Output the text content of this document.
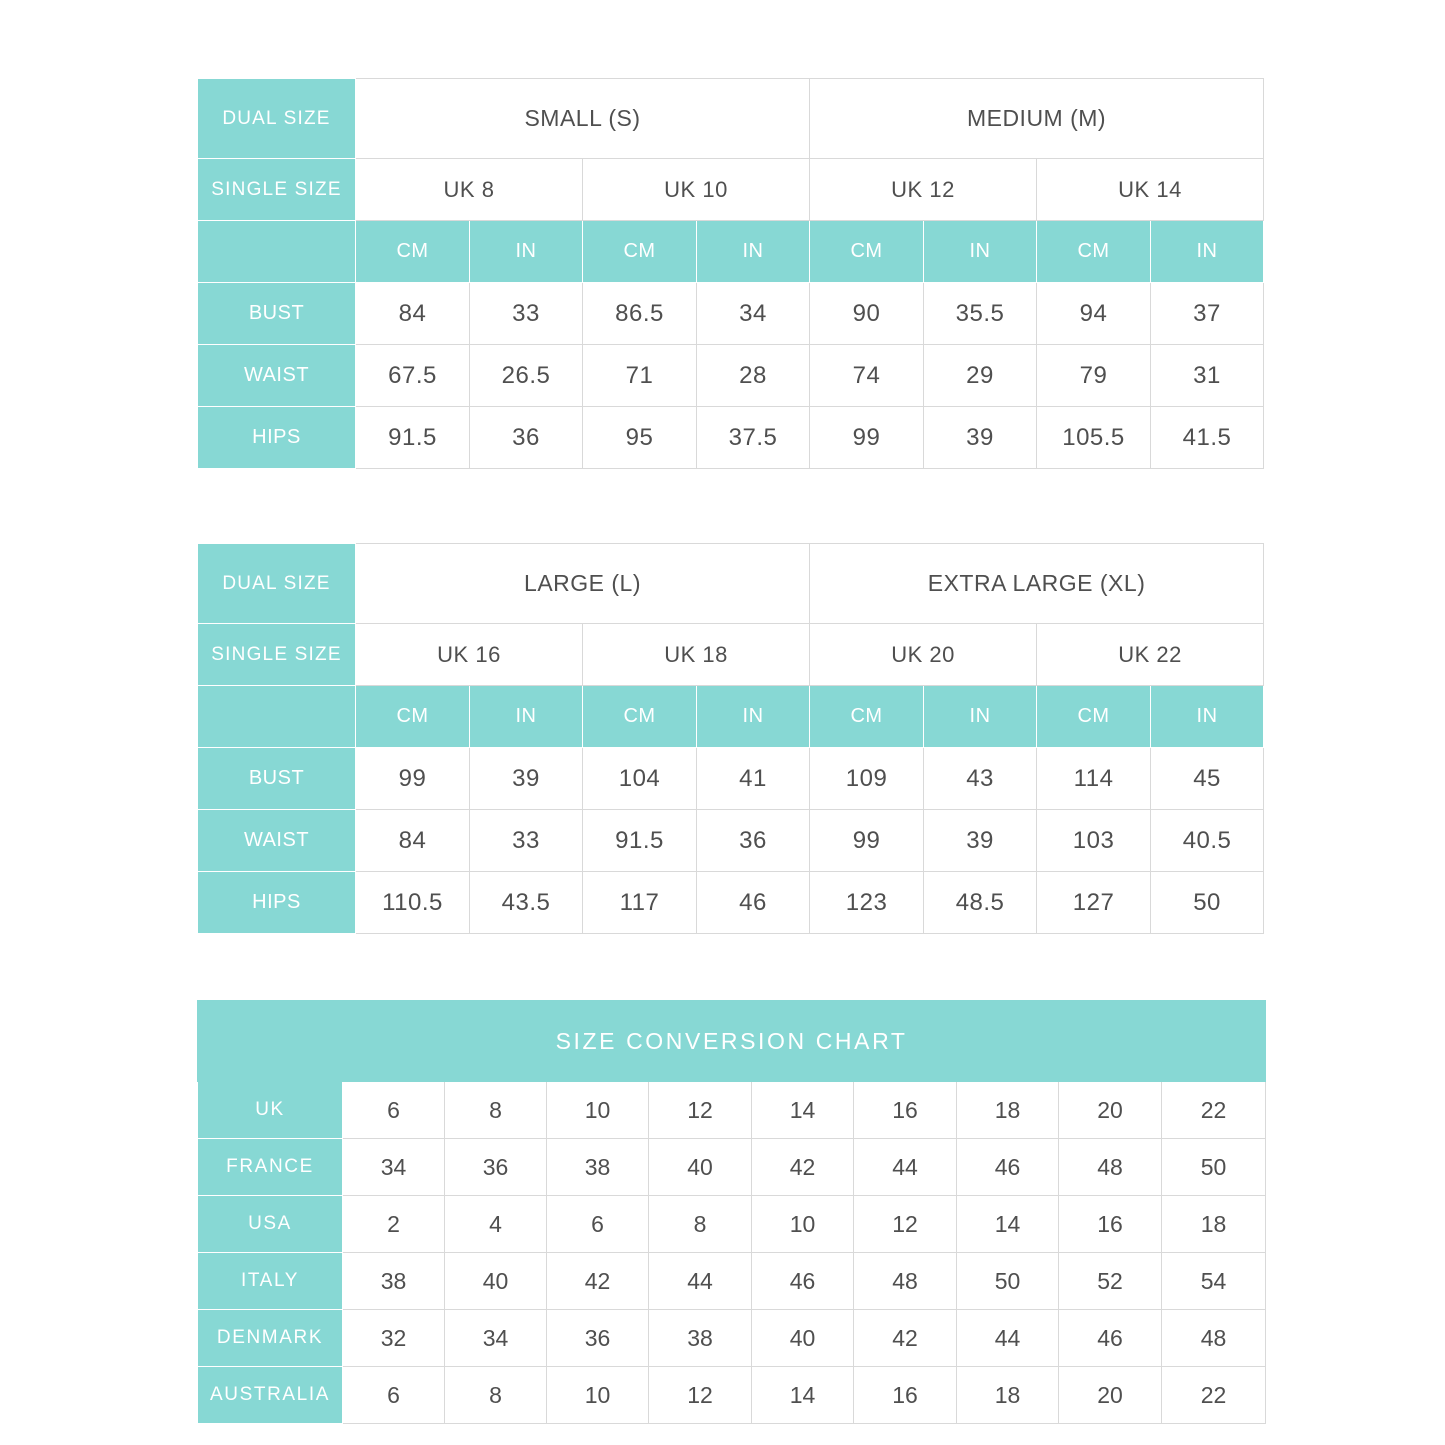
DUAL SIZE	SMALL (S)				MEDIUM (M)			
SINGLE SIZE	UK 8		UK 10		UK 12		UK 14	
	CM	IN	CM	IN	CM	IN	CM	IN
BUST	84	33	86.5	34	90	35.5	94	37
WAIST	67.5	26.5	71	28	74	29	79	31
HIPS	91.5	36	95	37.5	99	39	105.5	41.5
DUAL SIZE	LARGE (L)				EXTRA LARGE (XL)			
SINGLE SIZE	UK 16		UK 18		UK 20		UK 22	
	CM	IN	CM	IN	CM	IN	CM	IN
BUST	99	39	104	41	109	43	114	45
WAIST	84	33	91.5	36	99	39	103	40.5
HIPS	110.5	43.5	117	46	123	48.5	127	50
SIZE CONVERSION CHART									
UK	6	8	10	12	14	16	18	20	22
FRANCE	34	36	38	40	42	44	46	48	50
USA	2	4	6	8	10	12	14	16	18
ITALY	38	40	42	44	46	48	50	52	54
DENMARK	32	34	36	38	40	42	44	46	48
AUSTRALIA	6	8	10	12	14	16	18	20	22
